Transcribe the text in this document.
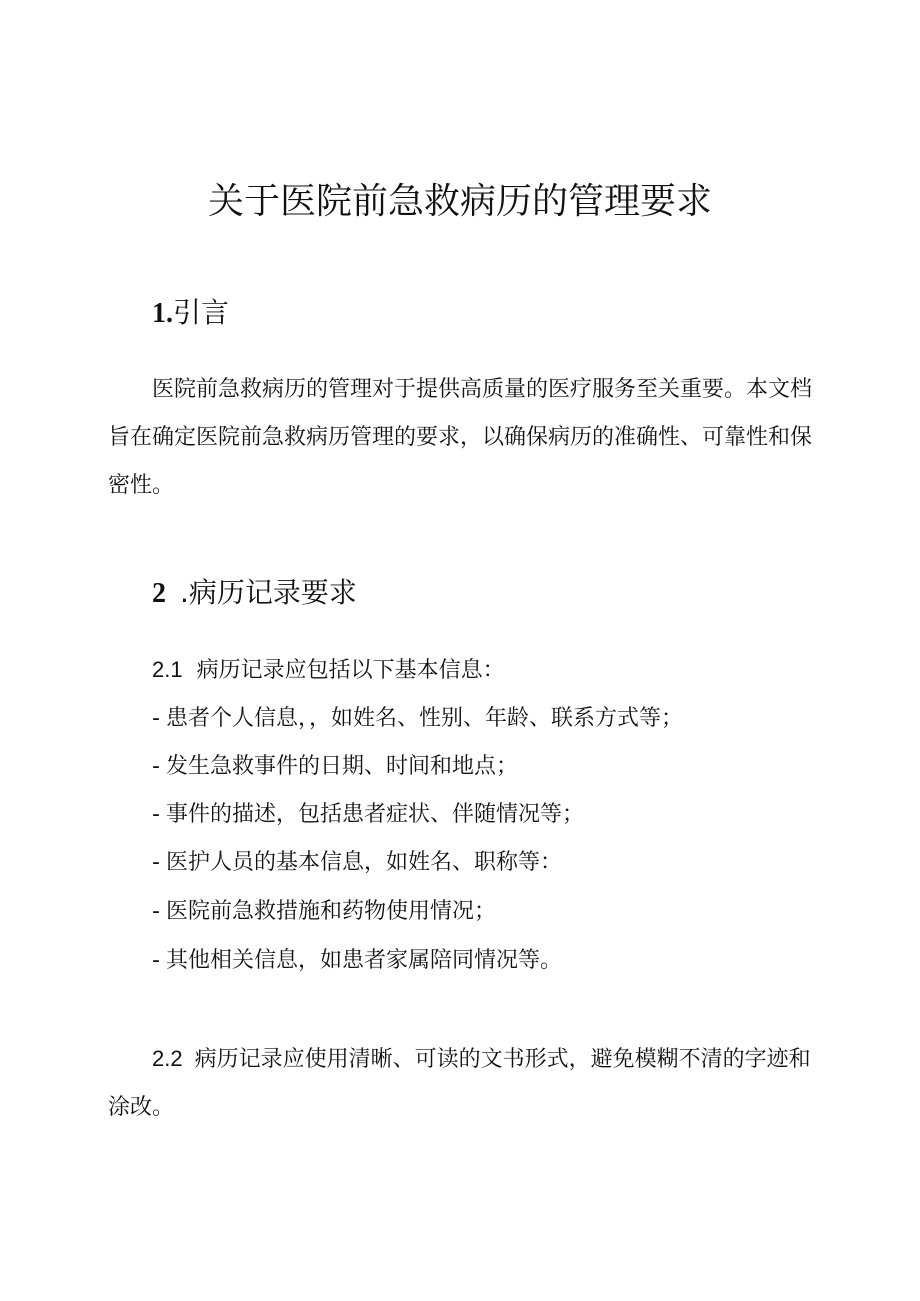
关于医院前急救病历的管理要求
1.引言

医院前急救病历的管理对于提供高质量的医疗服务至关重要。本文档旨在确定医院前急救病历管理的要求，以确保病历的准确性、可靠性和保密性。

2 .病历记录要求
2.1 病历记录应包括以下基本信息：
- 患者个人信息，，如姓名、性别、年龄、联系方式等；
- 发生急救事件的日期、时间和地点；
- 事件的描述，包括患者症状、伴随情况等；
- 医护人员的基本信息，如姓名、职称等：
- 医院前急救措施和药物使用情况；
- 其他相关信息，如患者家属陪同情况等。

2.2 病历记录应使用清晰、可读的文书形式，避免模糊不清的字迹和涂改。
